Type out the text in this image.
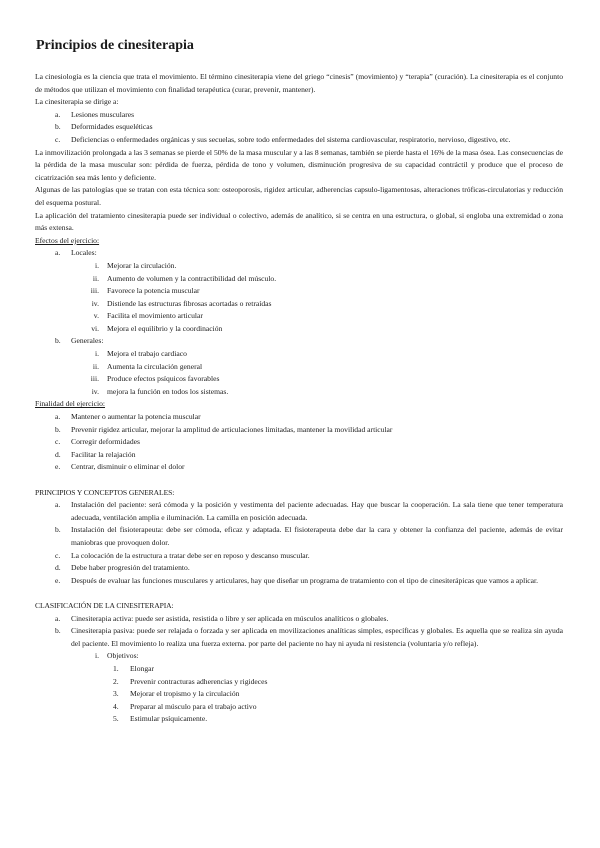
Principios de cinesiterapia

La cinesiología es la ciencia que trata el movimiento. El término cinesiterapia viene del griego “cinesis” (movimiento) y “terapia” (curación). La cinesiterapia es el conjunto de métodos que utilizan el movimiento con finalidad terapéutica (curar, prevenir, mantener).

La cinesiterapia se dirige a:

a. Lesiones musculares
b. Deformidades esqueléticas
c. Deficiencias o enfermedades orgánicas y sus secuelas, sobre todo enfermedades del sistema cardiovascular, respiratorio, nervioso, digestivo, etc.

La inmovilización prolongada a las 3 semanas se pierde el 50% de la masa muscular y a las 8 semanas, también se pierde hasta el 16% de la masa ósea. Las consecuencias de la pérdida de la masa muscular son: pérdida de fuerza, pérdida de tono y volumen, disminución progresiva de su capacidad contráctil y produce que el proceso de cicatrización sea más lento y deficiente.

Algunas de las patologías que se tratan con esta técnica son: osteoporosis, rigidez articular, adherencias capsulo-ligamentosas, alteraciones tróficas-circulatorias y reducción del esquema postural.

La aplicación del tratamiento cinesiterapia puede ser individual o colectivo, además de analítico, si se centra en una estructura, o global, si engloba una extremidad o zona más extensa.

Efectos del ejercicio:

a. Locales:
i. Mejorar la circulación.
ii. Aumento de volumen y la contractibilidad del músculo.
iii. Favorece la potencia muscular
iv. Distiende las estructuras fibrosas acortadas o retraídas
v. Facilita el movimiento articular
vi. Mejora el equilibrio y la coordinación
b. Generales:
i. Mejora el trabajo cardiaco
ii. Aumenta la circulación general
iii. Produce efectos psíquicos favorables
iv. mejora la función en todos los sistemas.

Finalidad del ejercicio:

a. Mantener o aumentar la potencia muscular
b. Prevenir rigidez articular, mejorar la amplitud de articulaciones limitadas, mantener la movilidad articular
c. Corregir deformidades
d. Facilitar la relajación
e. Centrar, disminuir o eliminar el dolor

PRINCIPIOS Y CONCEPTOS GENERALES:

a. Instalación del paciente: será cómoda y la posición y vestimenta del paciente adecuadas. Hay que buscar la cooperación. La sala tiene que tener temperatura adecuada, ventilación amplia e iluminación. La camilla en posición adecuada.
b. Instalación del fisioterapeuta: debe ser cómoda, eficaz y adaptada. El fisioterapeuta debe dar la cara y obtener la confianza del paciente, además de evitar maniobras que provoquen dolor.
c. La colocación de la estructura a tratar debe ser en reposo y descanso muscular.
d. Debe haber progresión del tratamiento.
e. Después de evaluar las funciones musculares y articulares, hay que diseñar un programa de tratamiento con el tipo de cinesiterápicas que vamos a aplicar.

CLASIFICACIÓN DE LA CINESITERAPIA:

a. Cinesiterapia activa: puede ser asistida, resistida o libre y ser aplicada en músculos analíticos o globales.
b. Cinesiterapia pasiva: puede ser relajada o forzada y ser aplicada en movilizaciones analíticas simples, específicas y globales. Es aquella que se realiza sin ayuda del paciente. El movimiento lo realiza una fuerza externa. por parte del paciente no hay ni ayuda ni resistencia (voluntaria y/o refleja).
i. Objetivos:
1. Elongar
2. Prevenir contracturas adherencias y rigideces
3. Mejorar el tropismo y la circulación
4. Preparar al músculo para el trabajo activo
5. Estimular psíquicamente.
